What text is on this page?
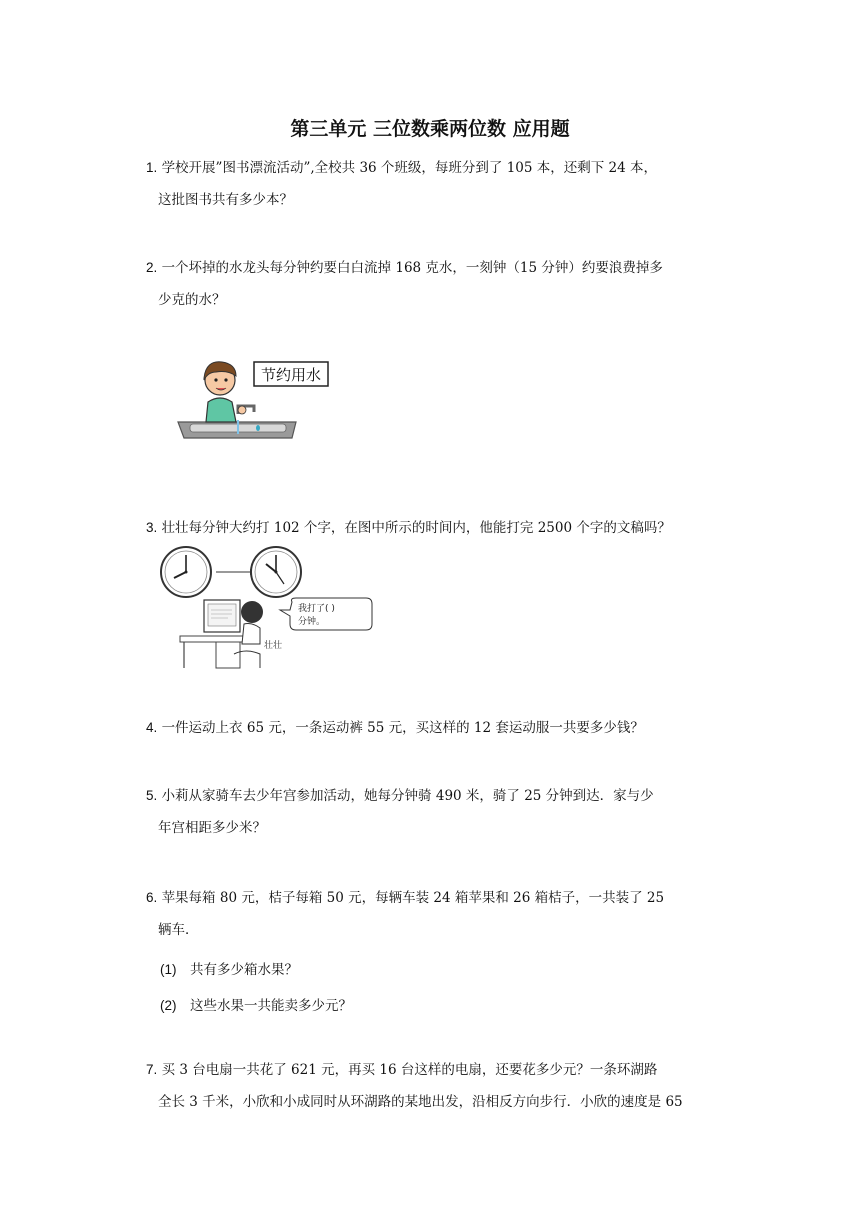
第三单元 三位数乘两位数 应用题
1. 学校开展”图书漂流活动”,全校共 36 个班级，每班分到了 105 本，还剩下 24 本，
这批图书共有多少本？
2. 一个坏掉的水龙头每分钟约要白白流掉 168 克水，一刻钟（15 分钟）约要浪费掉多
少克的水？
节约用水
3. 壮壮每分钟大约打 102 个字，在图中所示的时间内，他能打完 2500 个字的文稿吗？
壮壮
我打了( )
分钟。
4. 一件运动上衣 65 元，一条运动裤 55 元，买这样的 12 套运动服一共要多少钱？
5. 小莉从家骑车去少年宫参加活动，她每分钟骑 490 米，骑了 25 分钟到达．家与少
年宫相距多少米？
6. 苹果每箱 80 元，桔子每箱 50 元，每辆车装 24 箱苹果和 26 箱桔子，一共装了 25
辆车．
(1) 共有多少箱水果？
(2) 这些水果一共能卖多少元？
7. 买 3 台电扇一共花了 621 元，再买 16 台这样的电扇，还要花多少元？一条环湖路
全长 3 千米，小欣和小成同时从环湖路的某地出发，沿相反方向步行．小欣的速度是 65
